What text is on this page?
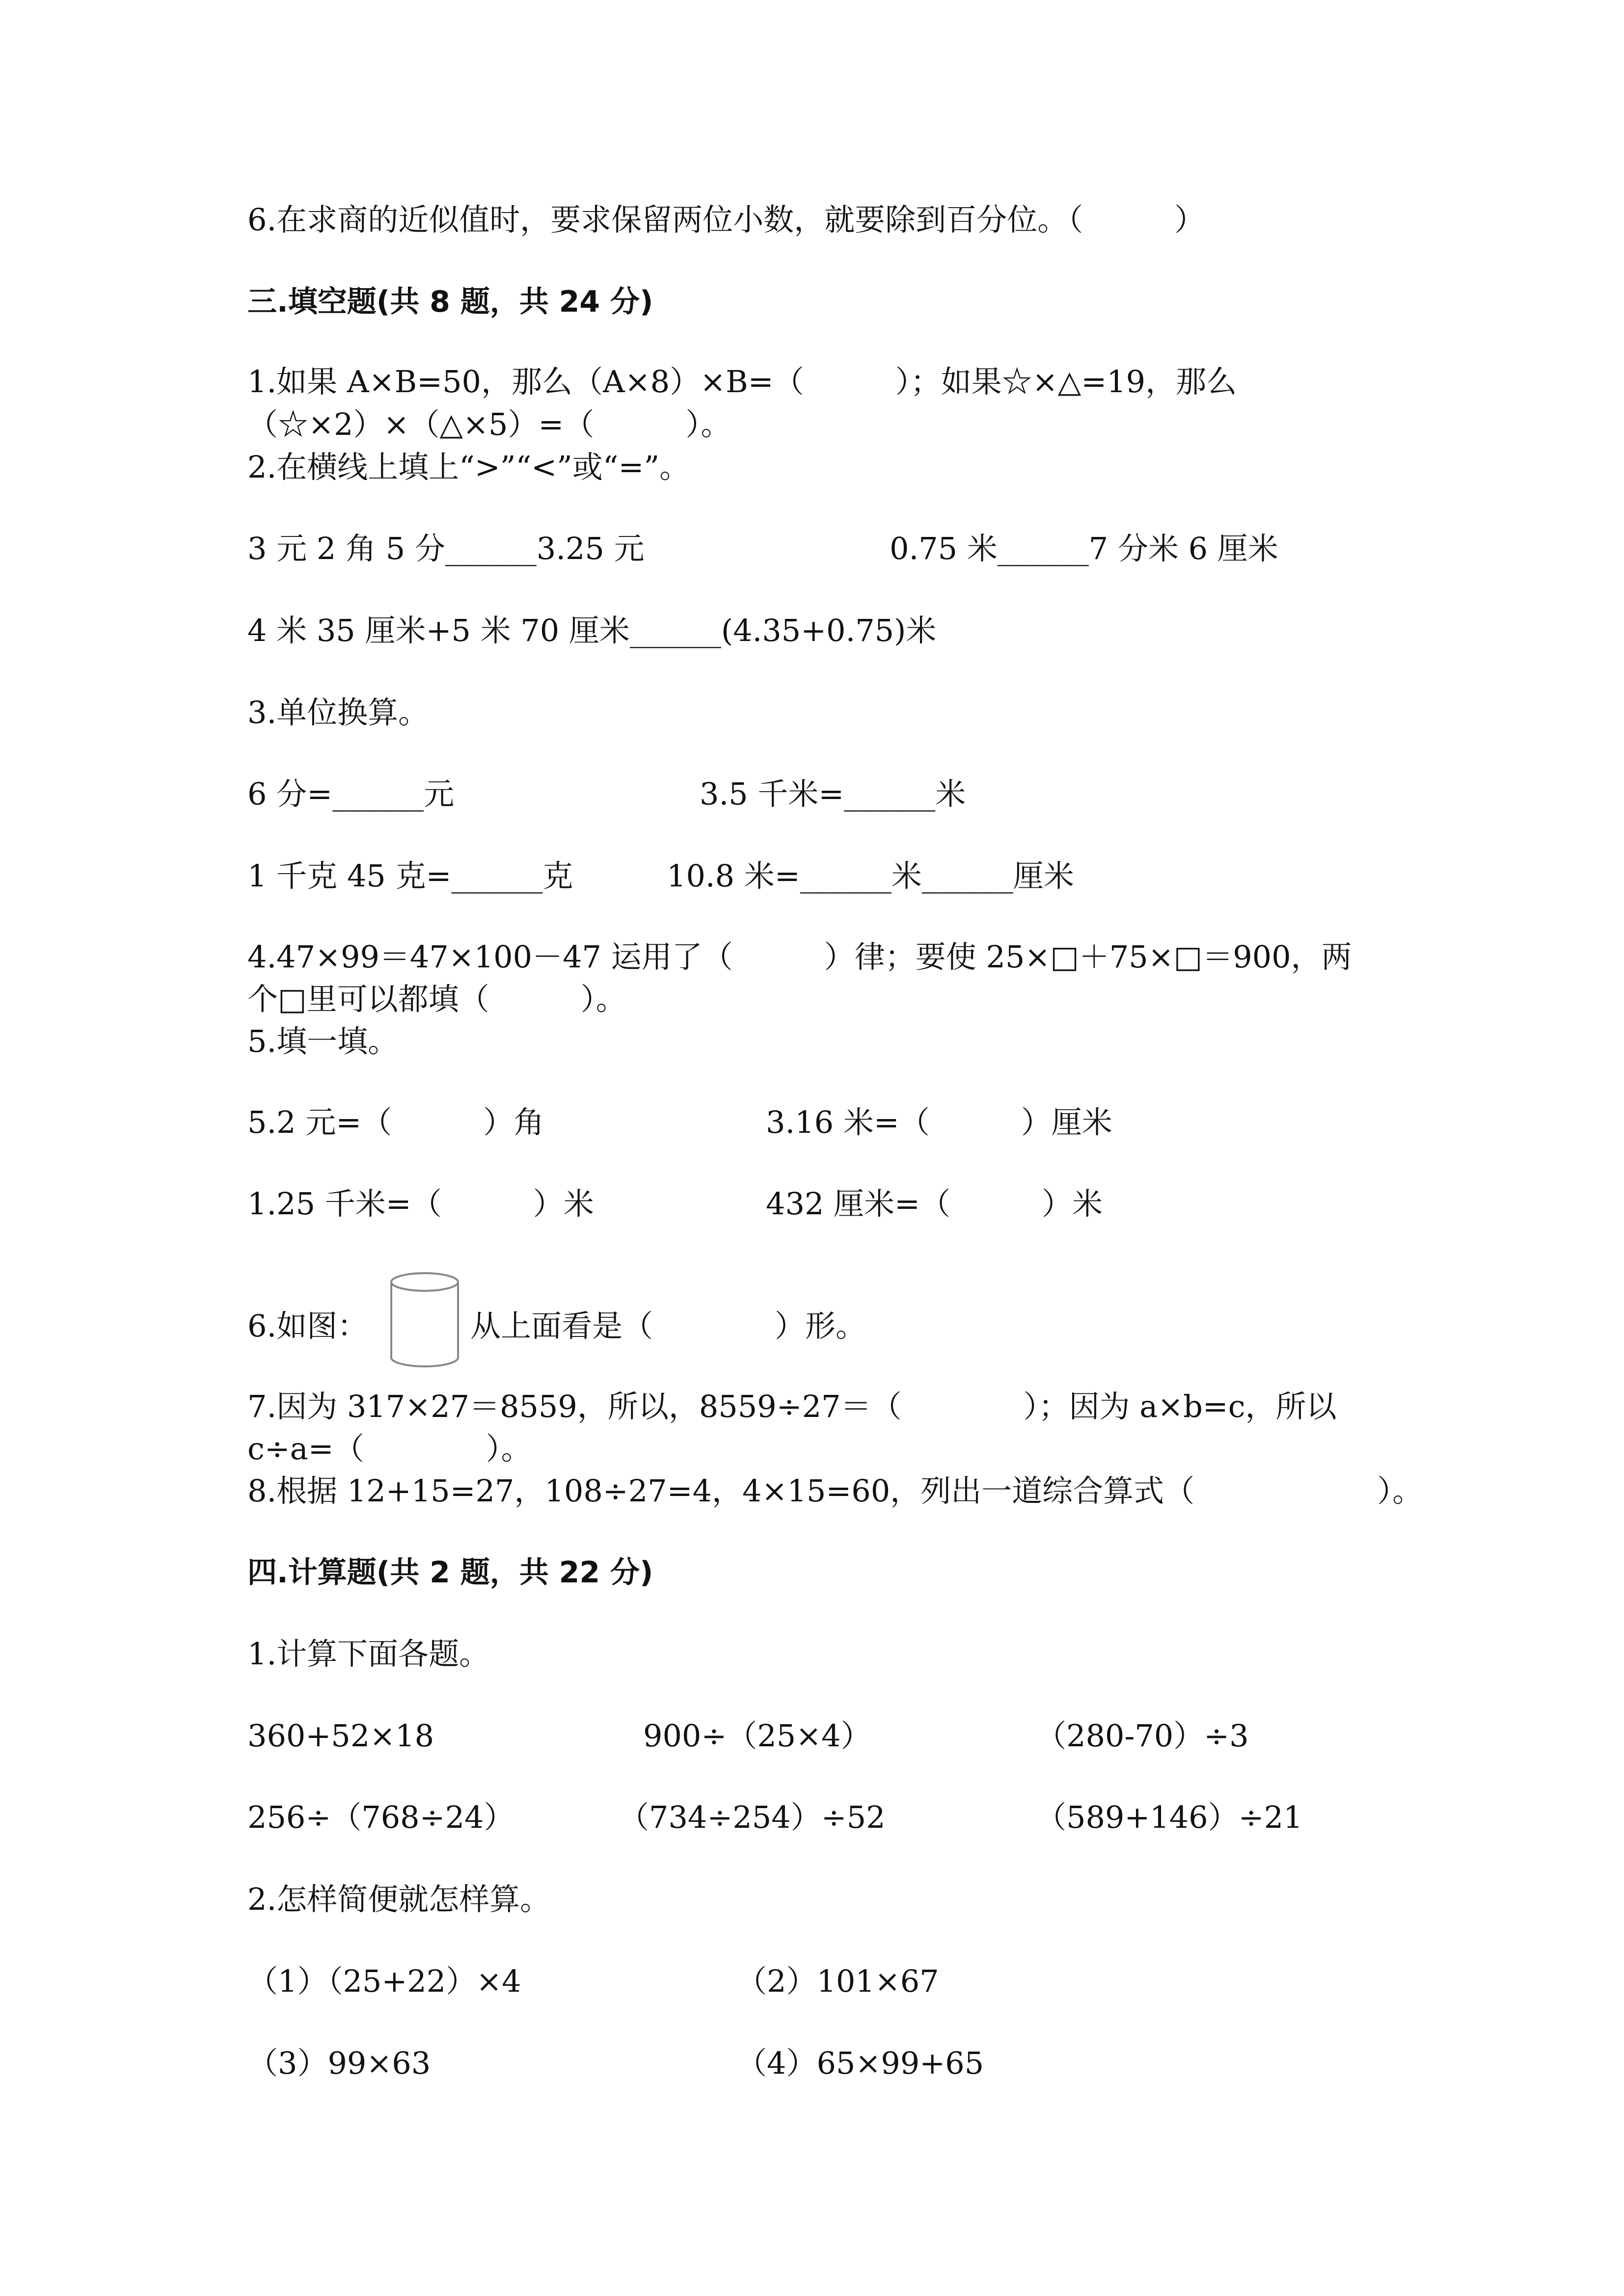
6.在求商的近似值时，要求保留两位小数，就要除到百分位。（　　　）
三.填空题(共 8 题，共 24 分)
1.如果 A×B=50，那么（A×8）×B=（　　　）；如果☆×△=19，那么
（☆×2）×（△×5）=（　　　）。
2.在横线上填上“>”“<”或“=”。
3 元 2 角 5 分______3.25 元	0.75 米______7 分米 6 厘米
4 米 35 厘米+5 米 70 厘米______(4.35+0.75)米
3.单位换算。
6 分=______元	3.5 千米=______米
1 千克 45 克=______克	10.8 米=______米______厘米
4.47×99＝47×100－47 运用了（　　　）律；要使 25×□＋75×□＝900，两
个□里可以都填（　　　）。
5.填一填。
5.2 元=（　　　）角	3.16 米=（　　　）厘米
1.25 千米=（　　　）米	432 厘米=（　　　）米
6.如图：	从上面看是（　　　　）形。
7.因为 317×27＝8559，所以，8559÷27＝（　　　　）；因为 a×b=c，所以
c÷a=（　　　　）。
8.根据 12+15=27，108÷27=4，4×15=60，列出一道综合算式（　　　　　　）。
四.计算题(共 2 题，共 22 分)
1.计算下面各题。
360+52×18	900÷（25×4）	（280-70）÷3
256÷（768÷24）	（734÷254）÷52	（589+146）÷21
2.怎样简便就怎样算。
（1）（25+22）×4	（2）101×67
（3）99×63	（4）65×99+65
